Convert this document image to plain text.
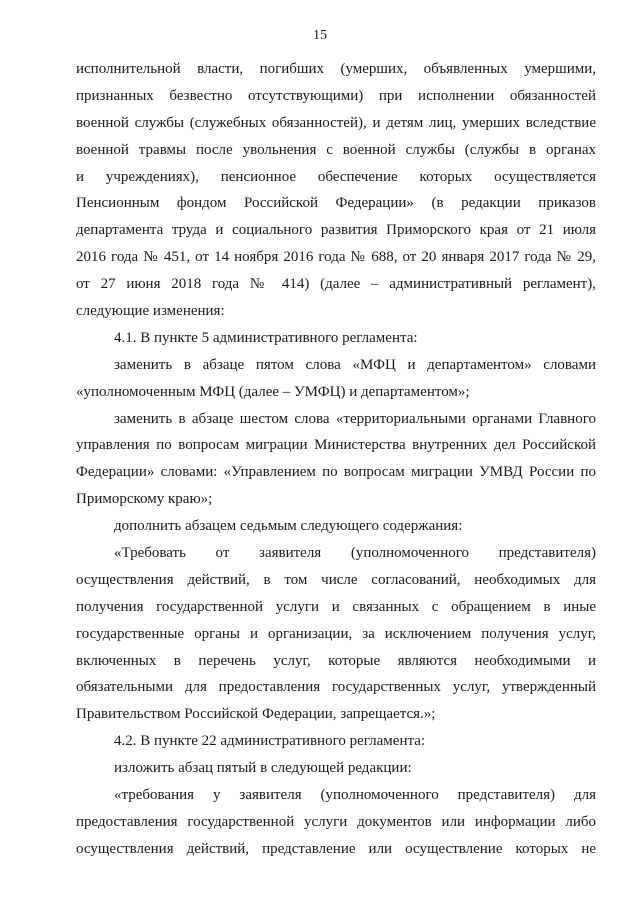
15
исполнительной власти, погибших (умерших, объявленных умершими,
признанных безвестно отсутствующими) при исполнении обязанностей
военной службы (служебных обязанностей), и детям лиц, умерших вследствие
военной травмы после увольнения с военной службы (службы в органах
и учреждениях), пенсионное обеспечение которых осуществляется
Пенсионным фондом Российской Федерации» (в редакции приказов
департамента труда и социального развития Приморского края от 21 июля
2016 года № 451, от 14 ноября 2016 года № 688, от 20 января 2017 года № 29,
от 27 июня 2018 года № 414) (далее – административный регламент),
следующие изменения:
4.1. В пункте 5 административного регламента:
заменить в абзаце пятом слова «МФЦ и департаментом» словами
«уполномоченным МФЦ (далее – УМФЦ) и департаментом»;
заменить в абзаце шестом слова «территориальными органами Главного
управления по вопросам миграции Министерства внутренних дел Российской
Федерации» словами: «Управлением по вопросам миграции УМВД России по
Приморскому краю»;
дополнить абзацем седьмым следующего содержания:
«Требовать от заявителя (уполномоченного представителя)
осуществления действий, в том числе согласований, необходимых для
получения государственной услуги и связанных с обращением в иные
государственные органы и организации, за исключением получения услуг,
включенных в перечень услуг, которые являются необходимыми и
обязательными для предоставления государственных услуг, утвержденный
Правительством Российской Федерации, запрещается.»;
4.2. В пункте 22 административного регламента:
изложить абзац пятый в следующей редакции:
«требования у заявителя (уполномоченного представителя) для
предоставления государственной услуги документов или информации либо
осуществления действий, представление или осуществление которых не
